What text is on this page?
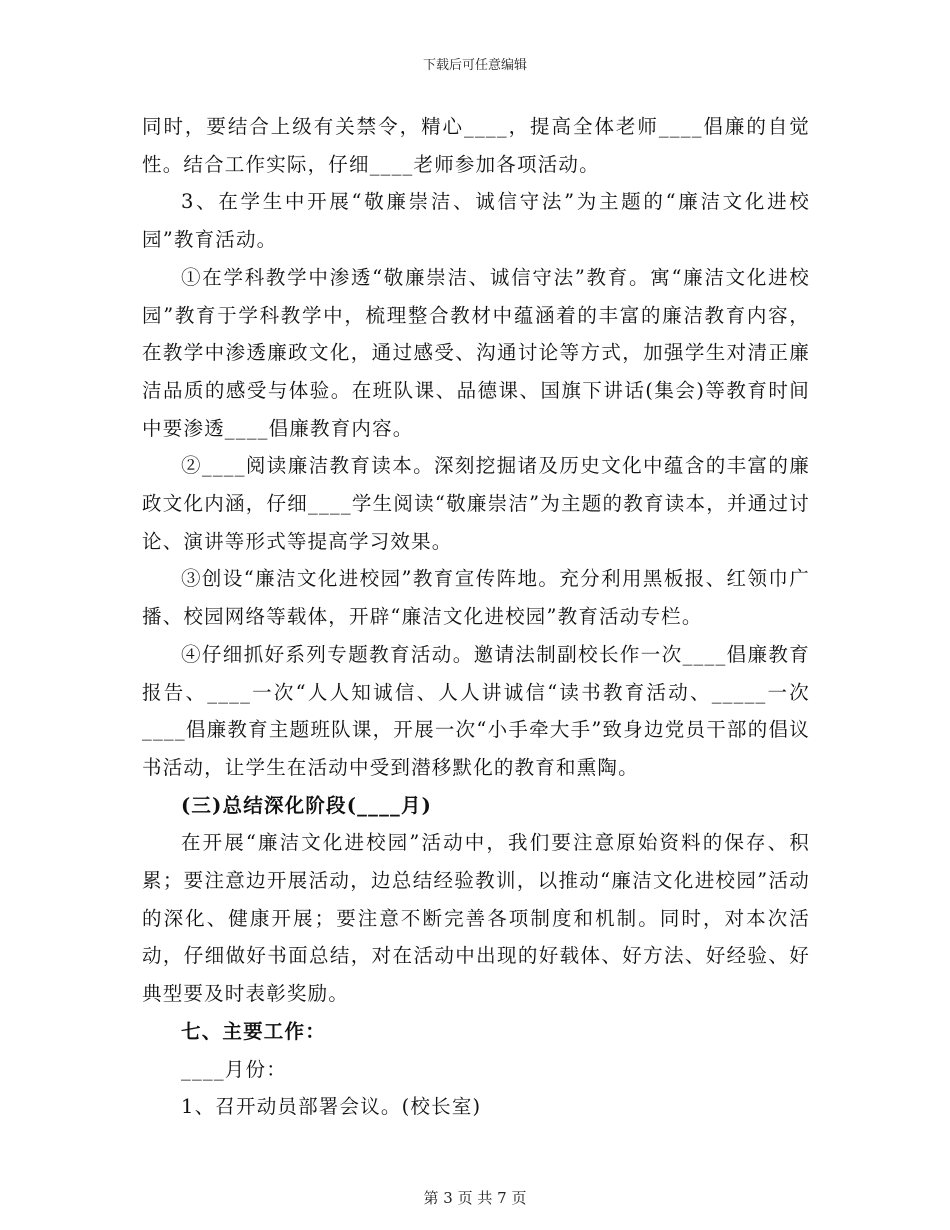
下载后可任意编辑

同时，要结合上级有关禁令，精心____，提高全体老师____倡廉的自觉性。结合工作实际，仔细____老师参加各项活动。

3、在学生中开展“敬廉崇洁、诚信守法”为主题的“廉洁文化进校园”教育活动。

①在学科教学中渗透“敬廉崇洁、诚信守法”教育。寓“廉洁文化进校园”教育于学科教学中，梳理整合教材中蕴涵着的丰富的廉洁教育内容，在教学中渗透廉政文化，通过感受、沟通讨论等方式，加强学生对清正廉洁品质的感受与体验。在班队课、品德课、国旗下讲话(集会)等教育时间中要渗透____倡廉教育内容。

②____阅读廉洁教育读本。深刻挖掘诸及历史文化中蕴含的丰富的廉政文化内涵，仔细____学生阅读“敬廉崇洁”为主题的教育读本，并通过讨论、演讲等形式等提高学习效果。

③创设“廉洁文化进校园”教育宣传阵地。充分利用黑板报、红领巾广播、校园网络等载体，开辟“廉洁文化进校园”教育活动专栏。

④仔细抓好系列专题教育活动。邀请法制副校长作一次____倡廉教育报告、____一次“人人知诚信、人人讲诚信“读书教育活动、_____一次____倡廉教育主题班队课，开展一次“小手牵大手”致身边党员干部的倡议书活动，让学生在活动中受到潜移默化的教育和熏陶。

(三)总结深化阶段(____月)

在开展“廉洁文化进校园”活动中，我们要注意原始资料的保存、积累；要注意边开展活动，边总结经验教训，以推动“廉洁文化进校园”活动的深化、健康开展；要注意不断完善各项制度和机制。同时，对本次活动，仔细做好书面总结，对在活动中出现的好载体、好方法、好经验、好典型要及时表彰奖励。

七、主要工作：

____月份：

1、召开动员部署会议。(校长室)

第 3 页 共 7 页
